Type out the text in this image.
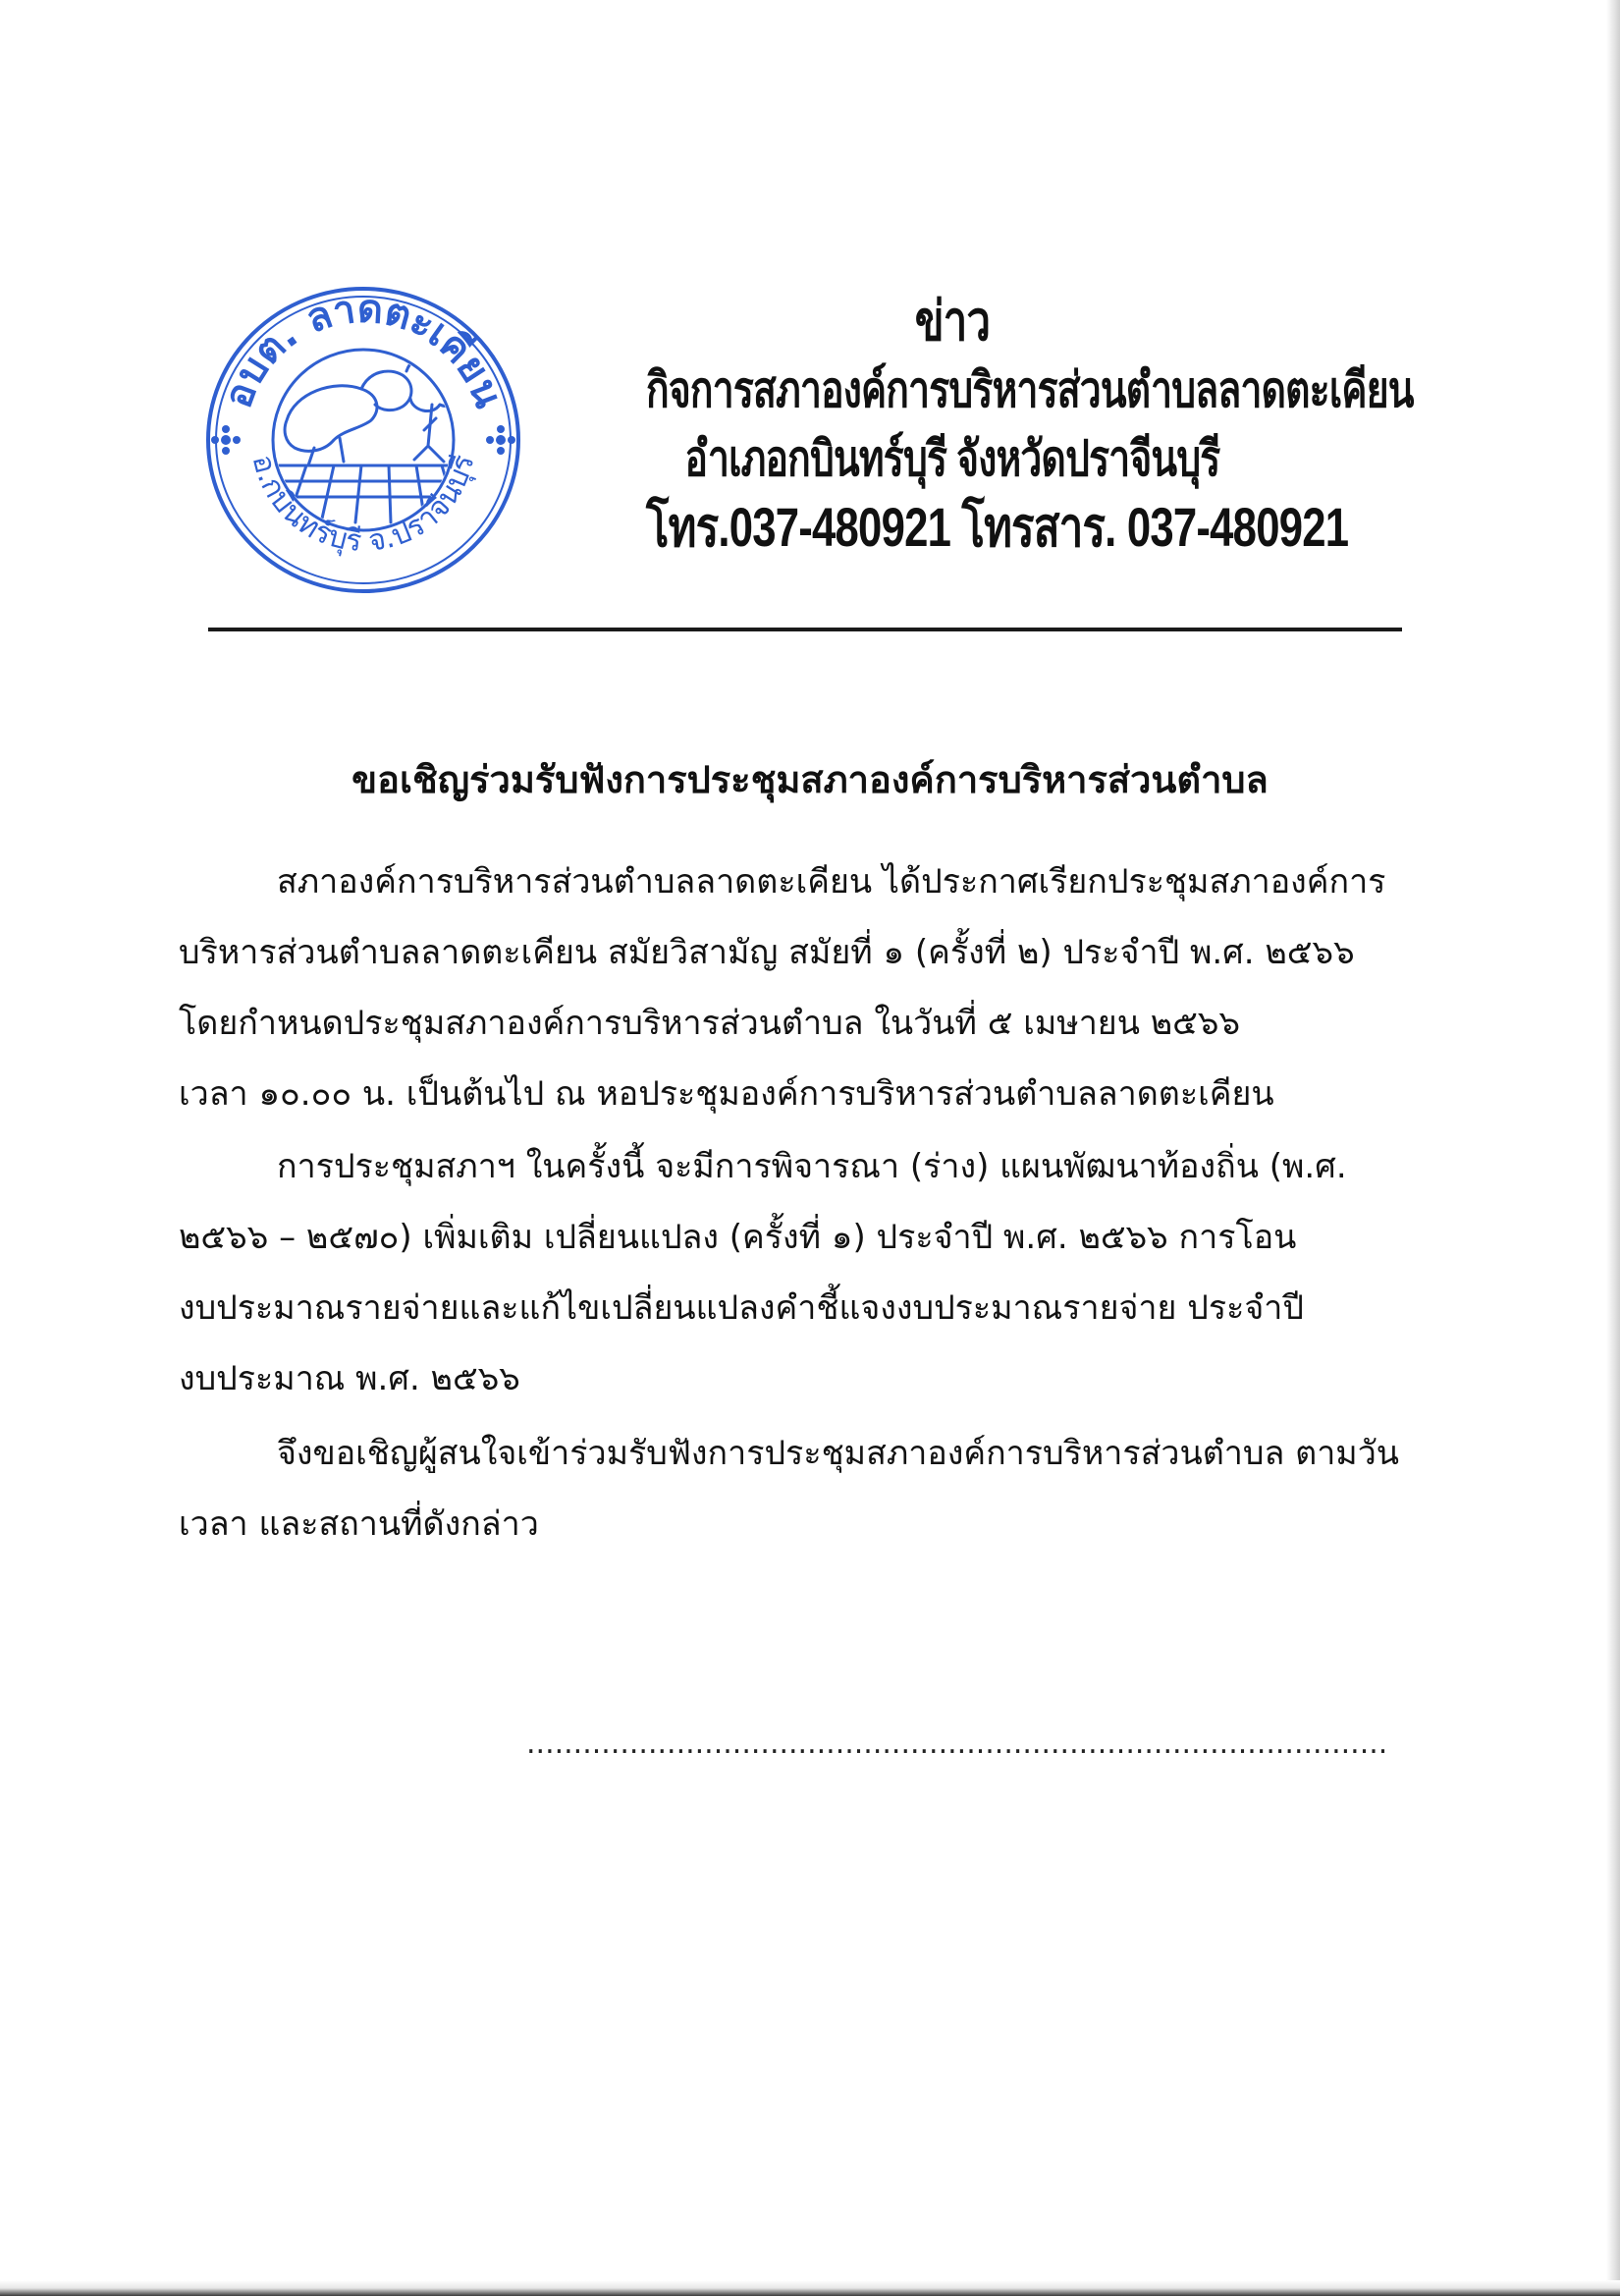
อบต. ลาดตะเคียน
อ.กบินทร์บุรี จ.ปราจีนบุรี
ข่าว
กิจการสภาองค์การบริหารส่วนตำบลลาดตะเคียน
อำเภอกบินทร์บุรี จังหวัดปราจีนบุรี
โทร.037-480921 โทรสาร. 037-480921
ขอเชิญร่วมรับฟังการประชุมสภาองค์การบริหารส่วนตำบล
สภาองค์การบริหารส่วนตำบลลาดตะเคียน ได้ประกาศเรียกประชุมสภาองค์การ
บริหารส่วนตำบลลาดตะเคียน สมัยวิสามัญ สมัยที่ ๑ (ครั้งที่ ๒) ประจำปี พ.ศ. ๒๕๖๖
โดยกำหนดประชุมสภาองค์การบริหารส่วนตำบล ในวันที่ ๕ เมษายน ๒๕๖๖
เวลา ๑๐.๐๐ น. เป็นต้นไป ณ หอประชุมองค์การบริหารส่วนตำบลลาดตะเคียน
การประชุมสภาฯ ในครั้งนี้ จะมีการพิจารณา (ร่าง) แผนพัฒนาท้องถิ่น (พ.ศ.
๒๕๖๖ – ๒๕๗๐) เพิ่มเติม เปลี่ยนแปลง (ครั้งที่ ๑) ประจำปี พ.ศ. ๒๕๖๖ การโอน
งบประมาณรายจ่ายและแก้ไขเปลี่ยนแปลงคำชี้แจงงบประมาณรายจ่าย ประจำปี
งบประมาณ พ.ศ. ๒๕๖๖
จึงขอเชิญผู้สนใจเข้าร่วมรับฟังการประชุมสภาองค์การบริหารส่วนตำบล ตามวัน
เวลา และสถานที่ดังกล่าว
............................................................................................
